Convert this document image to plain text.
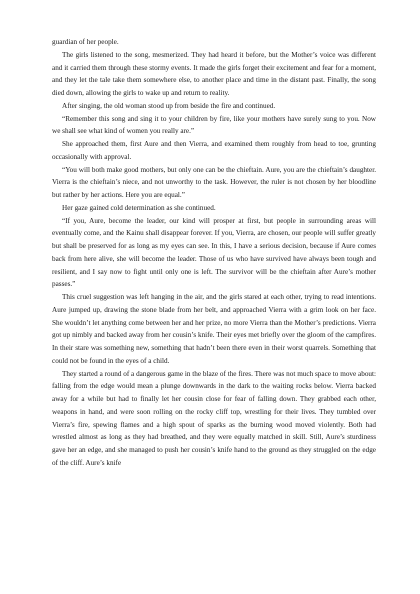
guardian of her people.

The girls listened to the song, mesmerized. They had heard it before, but the Mother’s voice was different and it carried them through these stormy events. It made the girls forget their excitement and fear for a moment, and they let the tale take them somewhere else, to another place and time in the distant past. Finally, the song died down, allowing the girls to wake up and return to reality.

After singing, the old woman stood up from beside the fire and continued.

“Remember this song and sing it to your children by fire, like your mothers have surely sung to you. Now we shall see what kind of women you really are.”

She approached them, first Aure and then Vierra, and examined them roughly from head to toe, grunting occasionally with approval.

“You will both make good mothers, but only one can be the chieftain. Aure, you are the chieftain’s daughter. Vierra is the chieftain’s niece, and not unworthy to the task. However, the ruler is not chosen by her bloodline but rather by her actions. Here you are equal.”

Her gaze gained cold determination as she continued.

“If you, Aure, become the leader, our kind will prosper at first, but people in surrounding areas will eventually come, and the Kainu shall disappear forever. If you, Vierra, are chosen, our people will suffer greatly but shall be preserved for as long as my eyes can see. In this, I have a serious decision, because if Aure comes back from here alive, she will become the leader. Those of us who have survived have always been tough and resilient, and I say now to fight until only one is left. The survivor will be the chieftain after Aure’s mother passes.”

This cruel suggestion was left hanging in the air, and the girls stared at each other, trying to read intentions. Aure jumped up, drawing the stone blade from her belt, and approached Vierra with a grim look on her face. She wouldn’t let anything come between her and her prize, no more Vierra than the Mother’s predictions. Vierra got up nimbly and backed away from her cousin’s knife. Their eyes met briefly over the gloom of the campfires. In their stare was something new, something that hadn’t been there even in their worst quarrels. Something that could not be found in the eyes of a child.

They started a round of a dangerous game in the blaze of the fires. There was not much space to move about: falling from the edge would mean a plunge downwards in the dark to the waiting rocks below. Vierra backed away for a while but had to finally let her cousin close for fear of falling down. They grabbed each other, weapons in hand, and were soon rolling on the rocky cliff top, wrestling for their lives. They tumbled over Vierra’s fire, spewing flames and a high spout of sparks as the burning wood moved violently. Both had wrestled almost as long as they had breathed, and they were equally matched in skill. Still, Aure’s sturdiness gave her an edge, and she managed to push her cousin’s knife hand to the ground as they struggled on the edge of the cliff. Aure’s knife
